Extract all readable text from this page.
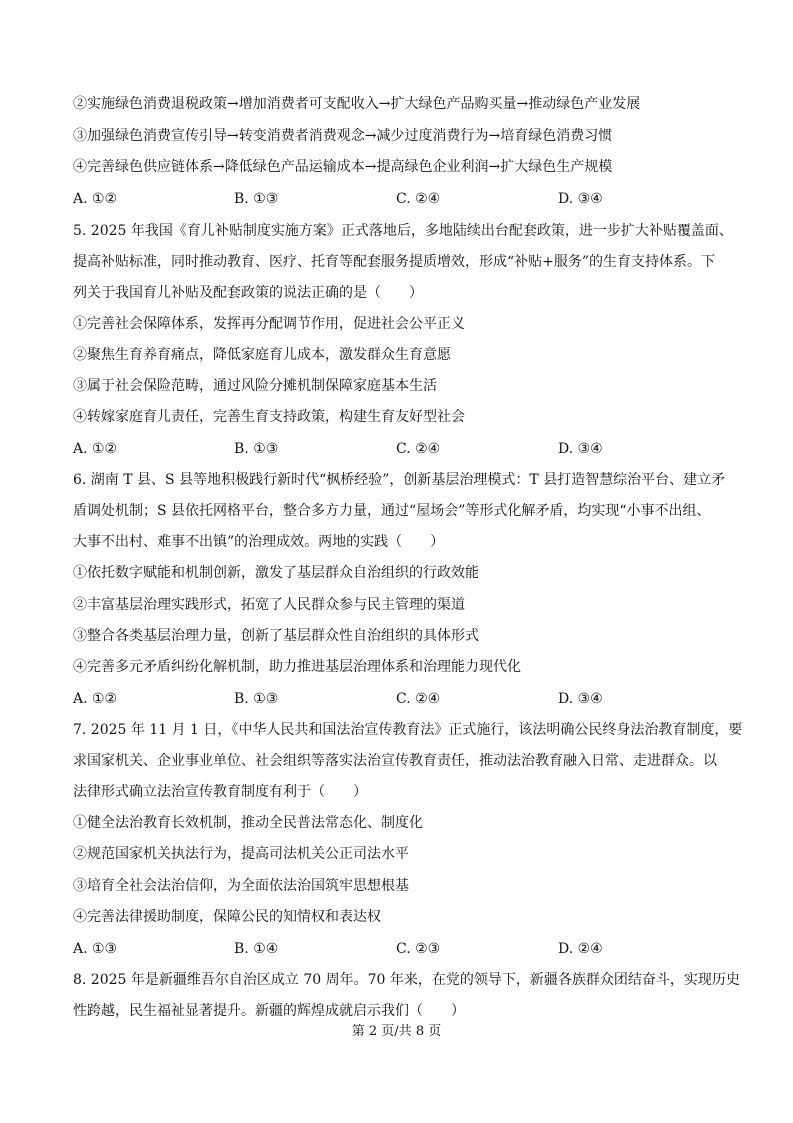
②实施绿色消费退税政策→增加消费者可支配收入→扩大绿色产品购买量→推动绿色产业发展
③加强绿色消费宣传引导→转变消费者消费观念→减少过度消费行为→培育绿色消费习惯
④完善绿色供应链体系→降低绿色产品运输成本→提高绿色企业利润→扩大绿色生产规模
A. ①②	B. ①③	C. ②④	D. ③④
5. 2025 年我国《育儿补贴制度实施方案》正式落地后，多地陆续出台配套政策，进一步扩大补贴覆盖面、
提高补贴标准，同时推动教育、医疗、托育等配套服务提质增效，形成“补贴+服务”的生育支持体系。下
列关于我国育儿补贴及配套政策的说法正确的是（　　）
①完善社会保障体系，发挥再分配调节作用，促进社会公平正义
②聚焦生育养育痛点，降低家庭育儿成本，激发群众生育意愿
③属于社会保险范畴，通过风险分摊机制保障家庭基本生活
④转嫁家庭育儿责任，完善生育支持政策，构建生育友好型社会
A. ①②	B. ①③	C. ②④	D. ③④
6. 湖南 T 县、S 县等地积极践行新时代“枫桥经验”，创新基层治理模式：T 县打造智慧综治平台、建立矛
盾调处机制；S 县依托网格平台，整合多方力量，通过“屋场会”等形式化解矛盾，均实现“小事不出组、
大事不出村、难事不出镇”的治理成效。两地的实践（　　）
①依托数字赋能和机制创新，激发了基层群众自治组织的行政效能
②丰富基层治理实践形式，拓宽了人民群众参与民主管理的渠道
③整合各类基层治理力量，创新了基层群众性自治组织的具体形式
④完善多元矛盾纠纷化解机制，助力推进基层治理体系和治理能力现代化
A. ①②	B. ①③	C. ②④	D. ③④
7. 2025 年 11 月 1 日，《中华人民共和国法治宣传教育法》正式施行，该法明确公民终身法治教育制度，要
求国家机关、企业事业单位、社会组织等落实法治宣传教育责任，推动法治教育融入日常、走进群众。以
法律形式确立法治宣传教育制度有利于（　　）
①健全法治教育长效机制，推动全民普法常态化、制度化
②规范国家机关执法行为，提高司法机关公正司法水平
③培育全社会法治信仰，为全面依法治国筑牢思想根基
④完善法律援助制度，保障公民的知情权和表达权
A. ①③	B. ①④	C. ②③	D. ②④
8. 2025 年是新疆维吾尔自治区成立 70 周年。70 年来，在党的领导下，新疆各族群众团结奋斗，实现历史
性跨越，民生福祉显著提升。新疆的辉煌成就启示我们（　　）
第 2 页/共 8 页
